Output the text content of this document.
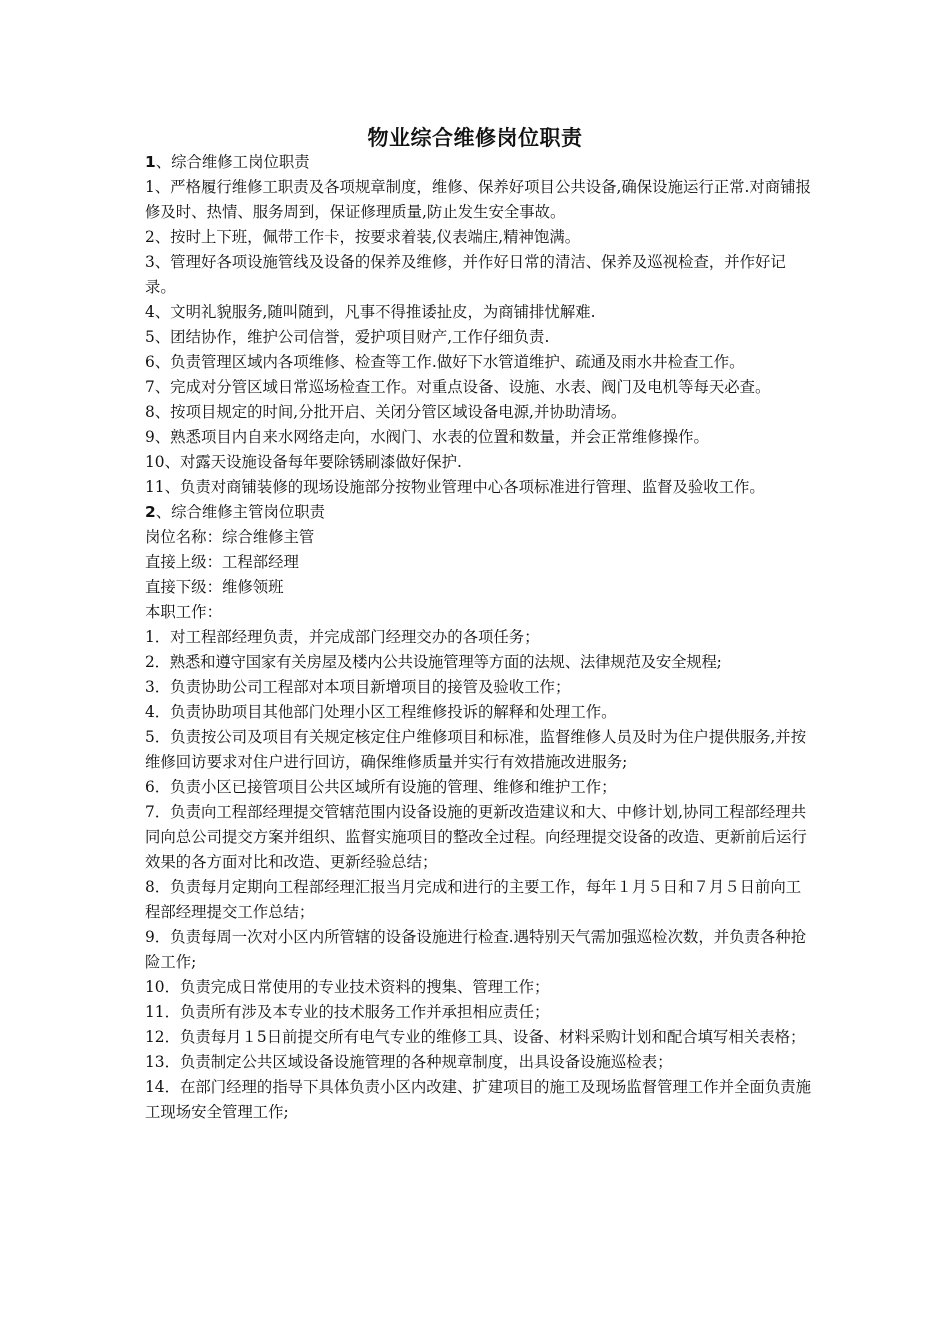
物业综合维修岗位职责

1、综合维修工岗位职责

1、严格履行维修工职责及各项规章制度，维修、保养好项目公共设备,确保设施运行正常.对商铺报修及时、热情、服务周到，保证修理质量,防止发生安全事故。

2、按时上下班，佩带工作卡，按要求着装,仪表端庄,精神饱满。

3、管理好各项设施管线及设备的保养及维修，并作好日常的清洁、保养及巡视检查，并作好记录。

4、文明礼貌服务,随叫随到，凡事不得推诿扯皮，为商铺排忧解难.

5、团结协作，维护公司信誉，爱护项目财产,工作仔细负责.

6、负责管理区域内各项维修、检查等工作.做好下水管道维护、疏通及雨水井检查工作。

7、完成对分管区域日常巡场检查工作。对重点设备、设施、水表、阀门及电机等每天必查。

8、按项目规定的时间,分批开启、关闭分管区域设备电源,并协助清场。

9、熟悉项目内自来水网络走向，水阀门、水表的位置和数量，并会正常维修操作。

10、对露天设施设备每年要除锈刷漆做好保护.

11、负责对商铺装修的现场设施部分按物业管理中心各项标准进行管理、监督及验收工作。

2、综合维修主管岗位职责

岗位名称：综合维修主管

直接上级：工程部经理

直接下级：维修领班

本职工作：

1．对工程部经理负责，并完成部门经理交办的各项任务；

2．熟悉和遵守国家有关房屋及楼内公共设施管理等方面的法规、法律规范及安全规程;

3．负责协助公司工程部对本项目新增项目的接管及验收工作；

4．负责协助项目其他部门处理小区工程维修投诉的解释和处理工作。

5．负责按公司及项目有关规定核定住户维修项目和标准，监督维修人员及时为住户提供服务,并按维修回访要求对住户进行回访，确保维修质量并实行有效措施改进服务;

6．负责小区已接管项目公共区域所有设施的管理、维修和维护工作；

7．负责向工程部经理提交管辖范围内设备设施的更新改造建议和大、中修计划,协同工程部经理共同向总公司提交方案并组织、监督实施项目的整改全过程。向经理提交设备的改造、更新前后运行效果的各方面对比和改造、更新经验总结；

8．负责每月定期向工程部经理汇报当月完成和进行的主要工作，每年１月５日和７月５日前向工程部经理提交工作总结；

9．负责每周一次对小区内所管辖的设备设施进行检查.遇特别天气需加强巡检次数，并负责各种抢险工作;

10．负责完成日常使用的专业技术资料的搜集、管理工作；

11．负责所有涉及本专业的技术服务工作并承担相应责任；

12．负责每月１5日前提交所有电气专业的维修工具、设备、材料采购计划和配合填写相关表格；

13．负责制定公共区域设备设施管理的各种规章制度，出具设备设施巡检表；

14．在部门经理的指导下具体负责小区内改建、扩建项目的施工及现场监督管理工作并全面负责施工现场安全管理工作;
